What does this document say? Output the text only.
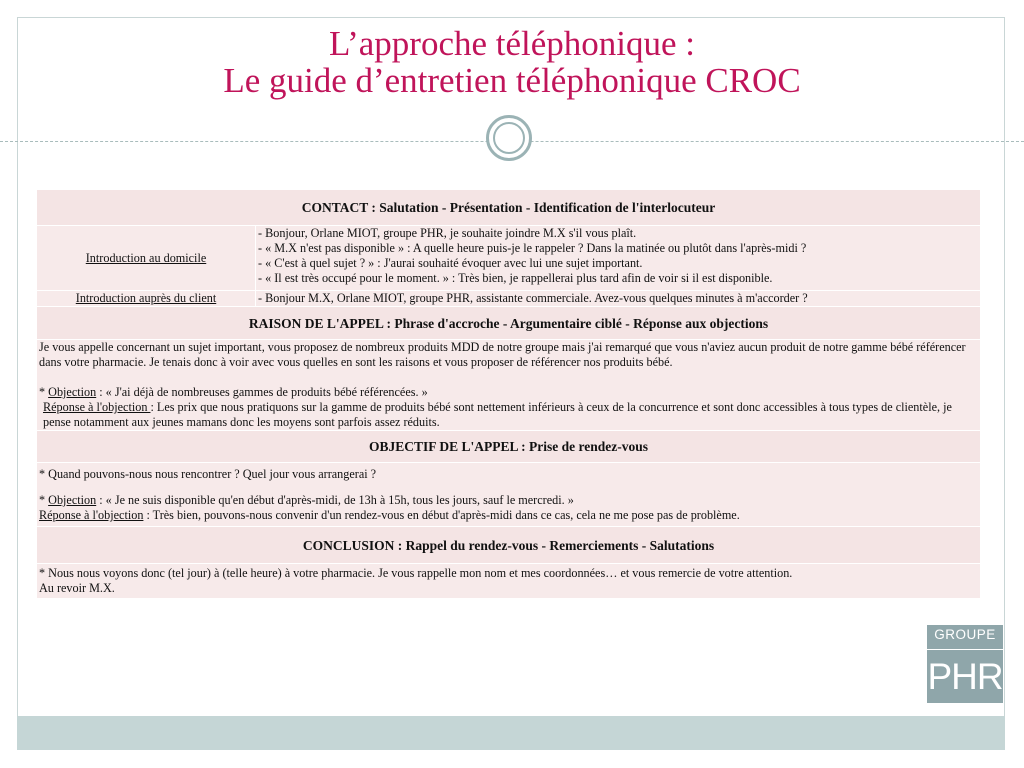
L’approche téléphonique :
Le guide d’entretien téléphonique CROC
CONTACT : Salutation - Présentation - Identification de l'interlocuteur	
Introduction au domicile	- Bonjour, Orlane MIOT, groupe PHR, je souhaite joindre M.X s'il vous plaît.
- « M.X n'est pas disponible » : A quelle heure puis-je le rappeler ? Dans la matinée ou plutôt dans l'après-midi ?
- « C'est à quel sujet ? » : J'aurai souhaité évoquer avec lui une sujet important.
- « Il est très occupé pour le moment. » : Très bien, je rappellerai plus tard afin de voir si il est disponible.

Introduction auprès du client	- Bonjour M.X, Orlane MIOT, groupe PHR, assistante commerciale. Avez-vous quelques minutes à m'accorder ?
RAISON DE L'APPEL : Phrase d'accroche - Argumentaire ciblé - Réponse aux objections	

Je vous appelle concernant un sujet important, vous proposez de nombreux produits MDD de notre groupe mais j'ai remarqué que vous n'aviez aucun produit de notre gamme bébé référencer dans votre pharmacie. Je tenais donc à voir avec vous quelles en sont les raisons et vous proposer de référencer nos produits bébé.
* Objection : « J'ai déjà de nombreuses gammes de produits bébé référencées. »
Réponse à l'objection : Les prix que nous pratiquons sur la gamme de produits bébé sont nettement inférieurs à ceux de la concurrence et sont donc accessibles à tous types de clientèle, je pense notamment aux jeunes mamans donc les moyens sont parfois assez réduits.	

OBJECTIF DE L'APPEL : Prise de rendez-vous	

* Quand pouvons-nous nous rencontrer ? Quel jour vous arrangerai ?
* Objection : « Je ne suis disponible qu'en début d'après-midi, de 13h à 15h, tous les jours, sauf le mercredi. »
Réponse à l'objection : Très bien, pouvons-nous convenir d'un rendez-vous en début d'après-midi dans ce cas, cela ne me pose pas de problème.	

CONCLUSION : Rappel du rendez-vous - Remerciements - Salutations	

* Nous nous voyons donc (tel jour) à (telle heure) à votre pharmacie. Je vous rappelle mon nom et mes coordonnées… et vous remercie de votre attention.
Au revoir M.X.	
GROUPE
PHR
